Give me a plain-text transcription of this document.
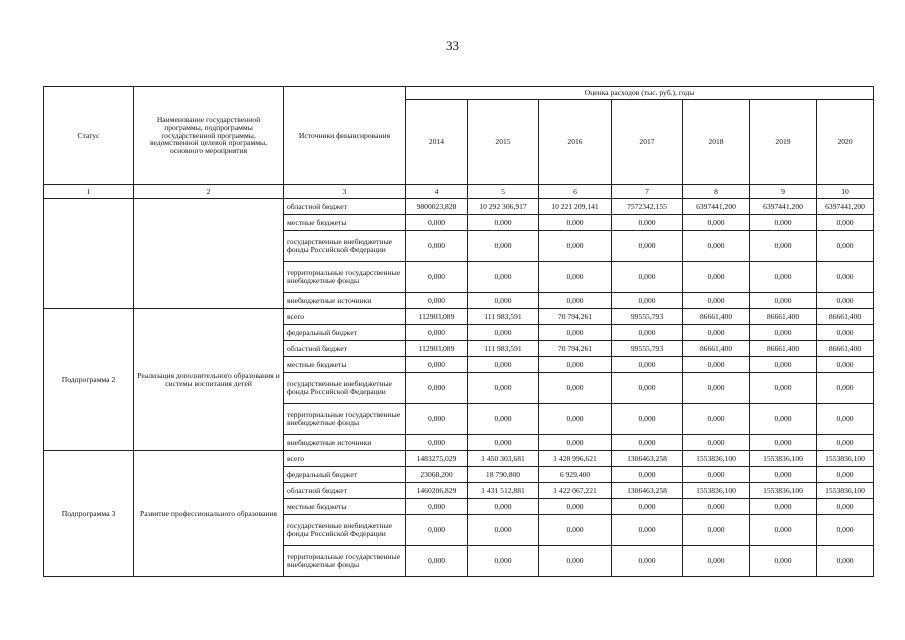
33
Статус	Наименование государственной программы, подпрограммы государственной программы, ведомственной целевой программы, основного мероприятия	Источники финансирования	Оценка расходов (тыс. руб.), годы						
			2014	2015	2016	2017	2018	2019	2020
1	2	3	4	5	6	7	8	9	10
		областной бюджет	9800023,828	10 292 306,917	10 221 209,141	7572342,155	6397441,200	6397441,200	6397441,200
		местные бюджеты	0,000	0,000	0,000	0,000	0,000	0,000	0,000
		государственные внебюджетные фонды Российской Федерации	0,000	0,000	0,000	0,000	0,000	0,000	0,000
		территориальные государственные внебюджетные фонды	0,000	0,000	0,000	0,000	0,000	0,000	0,000
		внебюджетные источники	0,000	0,000	0,000	0,000	0,000	0,000	0,000
Подпрограмма 2	Реализация дополнительного образования и системы воспитания детей	всего	112903,089	111 983,591	70 794,261	99555,793	86661,400	86661,400	86661,400
		федеральный бюджет	0,000	0,000	0,000	0,000	0,000	0,000	0,000
		областной бюджет	112903,089	111 983,591	70 794,261	99555,793	86661,400	86661,400	86661,400
		местные бюджеты	0,000	0,000	0,000	0,000	0,000	0,000	0,000
		государственные внебюджетные фонды Российской Федерации	0,000	0,000	0,000	0,000	0,000	0,000	0,000
		территориальные государственные внебюджетные фонды	0,000	0,000	0,000	0,000	0,000	0,000	0,000
		внебюджетные источники	0,000	0,000	0,000	0,000	0,000	0,000	0,000
Подпрограмма 3	Развитие профессионального образования	всего	1483275,029	1 450 303,681	1 428 996,621	1306463,258	1553836,100	1553836,100	1553836,100
		федеральный бюджет	23068,200	18 790,800	6 929,400	0,000	0,000	0,000	0,000
		областной бюджет	1460206,829	1 431 512,881	1 422 067,221	1306463,258	1553836,100	1553836,100	1553836,100
		местные бюджеты	0,000	0,000	0,000	0,000	0,000	0,000	0,000
		государственные внебюджетные фонды Российской Федерации	0,000	0,000	0,000	0,000	0,000	0,000	0,000
		территориальные государственные внебюджетные фонды	0,000	0,000	0,000	0,000	0,000	0,000	0,000
